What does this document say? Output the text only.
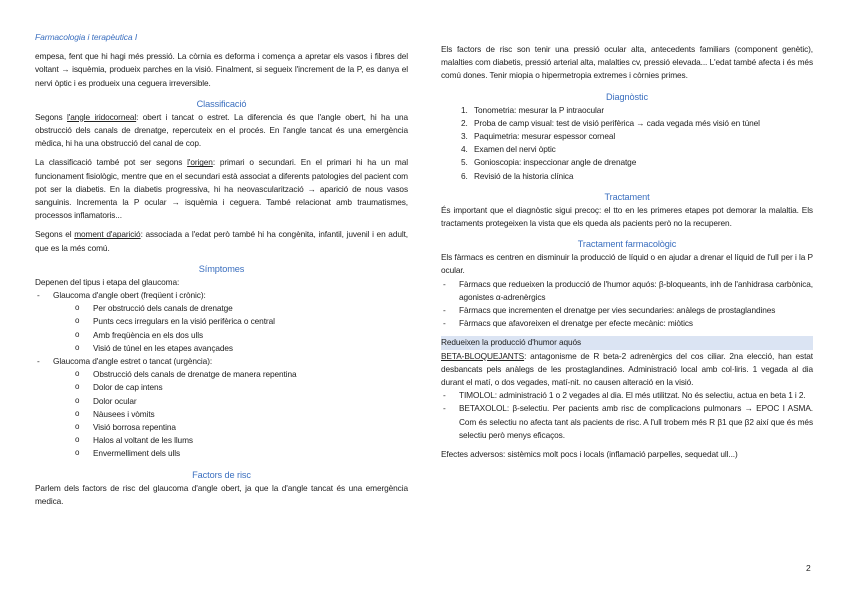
Farmacologia i terapèutica I

empesa, fent que hi hagi més pressió. La còrnia es deforma i comença a apretar els vasos i fibres del voltant → isquèmia, produeix parches en la visió. Finalment, si segueix l'increment de la P, es danya el nervi òptic i es produeix una ceguera irreversible.

Classificació

Segons l'angle iridocorneal: obert i tancat o estret. La diferencia és que l'angle obert, hi ha una obstrucció dels canals de drenatge, repercuteix en el procés. En l'angle tancat és una emergència mèdica, hi ha una obstrucció del canal de cop.

La classificació també pot ser segons l'origen: primari o secundari. En el primari hi ha un mal funcionament fisiològic, mentre que en el secundari està associat a diferents patologies del pacient com pot ser la diabetis. En la diabetis progressiva, hi ha neovascularització → aparició de nous vasos sanguinis. Incrementa la P ocular → isquèmia i ceguera. També relacionat amb traumatismes, processos inflamatoris...

Segons el moment d'aparició: associada a l'edat però també hi ha congènita, infantil, juvenil i en adult, que es la més comú.

Símptomes

Depenen del tipus i etapa del glaucoma:

- Glaucoma d'angle obert (freqüent i crònic):
o Per obstrucció dels canals de drenatge
o Punts cecs irregulars en la visió perifèrica o central
o Amb freqüència en els dos ulls
o Visió de túnel en les etapes avançades
- Glaucoma d'angle estret o tancat (urgència):
o Obstrucció dels canals de drenatge de manera repentina
o Dolor de cap intens
o Dolor ocular
o Nàusees i vòmits
o Visió borrosa repentina
o Halos al voltant de les llums
o Envermelliment dels ulls
Factors de risc

Parlem dels factors de risc del glaucoma d'angle obert, ja que la d'angle tancat és una emergència medica.

Els factors de risc son tenir una pressió ocular alta, antecedents familiars (component genètic), malalties com diabetis, pressió arterial alta, malalties cv, pressió elevada... L'edat també afecta i és més comú dones. Tenir miopia o hipermetropia extremes i còrnies primes.

Diagnòstic
1. Tonometria: mesurar la P intraocular
2. Proba de camp visual: test de visió perifèrica → cada vegada més visió en túnel
3. Paquimetria: mesurar espessor corneal
4. Examen del nervi òptic
5. Gonioscopia: inspeccionar angle de drenatge
6. Revisió de la historia clínica
Tractament

És important que el diagnòstic sigui precoç: el tto en les primeres etapes pot demorar la malaltia. Els tractaments protegeixen la vista que els queda als pacients però no la recuperen.

Tractament farmacològic

Els fàrmacs es centren en disminuir la producció de líquid o en ajudar a drenar el líquid de l'ull per i la P ocular.

- Fàrmacs que redueixen la producció de l'humor aquós: β-bloqueants, inh de l'anhidrasa carbònica, agonistes α-adrenèrgics
- Fàrmacs que incrementen el drenatge per vies secundaries: anàlegs de prostaglandines
- Fàrmacs que afavoreixen el drenatge per efecte mecànic: miòtics
Redueixen la producció d'humor aquós

BETA-BLOQUEJANTS: antagonisme de R beta-2 adrenèrgics del cos ciliar. 2na elecció, han estat desbancats pels anàlegs de les prostaglandines. Administració local amb col·liris. 1 vegada al dia durant el matí, o dos vegades, matí-nit. no causen alteració en la visió.

- TIMOLOL: administració 1 o 2 vegades al dia. El més utilitzat. No és selectiu, actua en beta 1 i 2.
- BETAXOLOL: β-selectiu. Per pacients amb risc de complicacions pulmonars → EPOC I ASMA. Com és selectiu no afecta tant als pacients de risc. A l'ull trobem més R β1 que β2 així que és més selectiu però menys eficaços.

Efectes adversos: sistèmics molt pocs i locals (inflamació parpelles, sequedat ull...)

2
